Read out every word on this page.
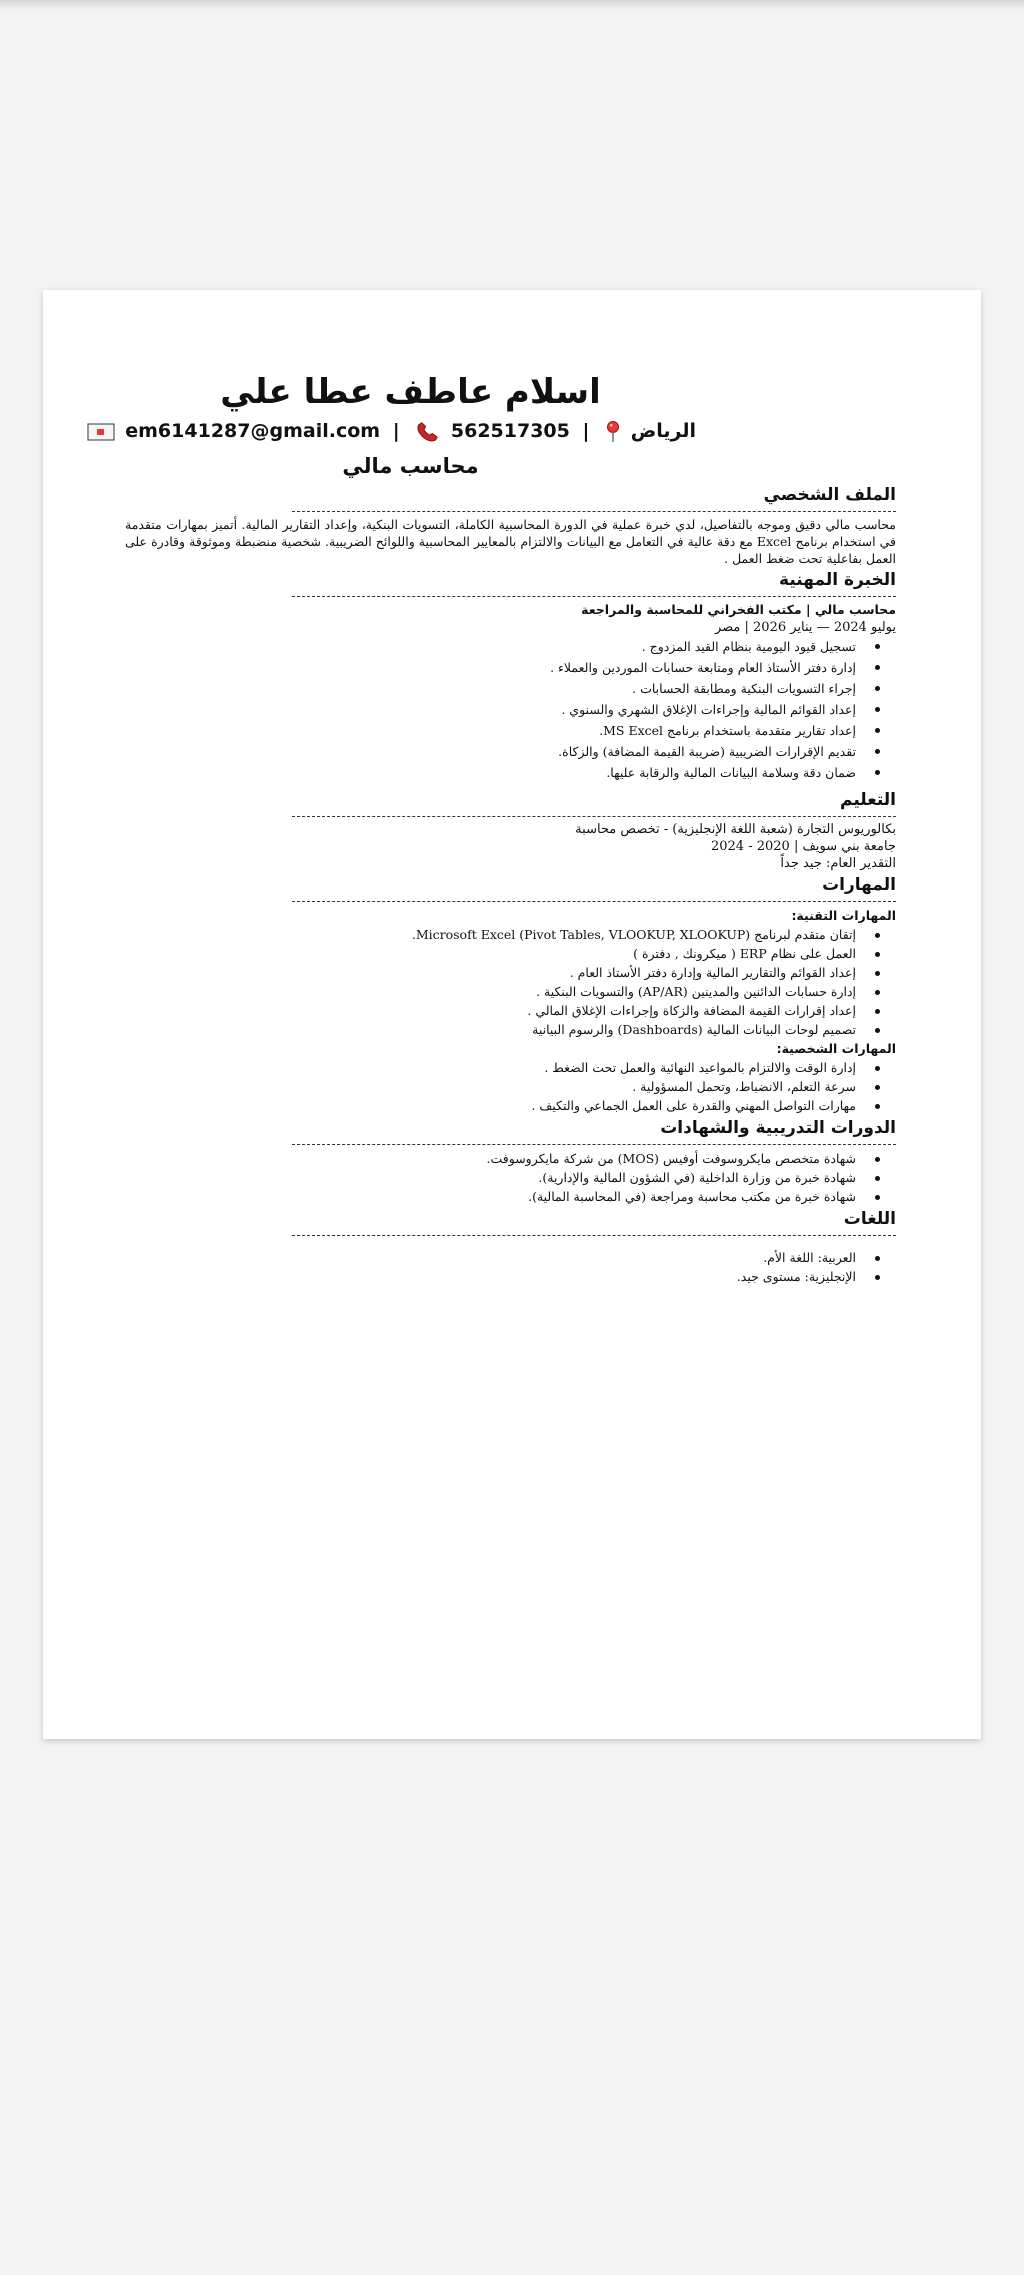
اسلام عاطف عطا علي
الرياض
| 562517305
| em6141287@gmail.com
محاسب مالي
الملف الشخصي

محاسب مالي دقيق وموجه بالتفاصيل، لدي خبرة عملية في الدورة المحاسبية الكاملة، التسويات البنكية، وإعداد التقارير المالية. أتميز بمهارات متقدمة في استخدام برنامج Excel مع دقة عالية في التعامل مع البيانات والالتزام بالمعايير المحاسبية واللوائح الضريبية. شخصية منضبطة وموثوقة وقادرة على العمل بفاعلية تحت ضغط العمل .

الخبرة المهنية

محاسب مالي | مكتب الفخراني للمحاسبة والمراجعة

يوليو 2024 — يناير 2026 | مصر

تسجيل قيود اليومية بنظام القيد المزدوج .
إدارة دفتر الأستاذ العام ومتابعة حسابات الموردين والعملاء .
إجراء التسويات البنكية ومطابقة الحسابات .
إعداد القوائم المالية وإجراءات الإغلاق الشهري والسنوي .
إعداد تقارير متقدمة باستخدام برنامج MS Excel.
تقديم الإقرارات الضريبية (ضريبة القيمة المضافة) والزكاة.
ضمان دقة وسلامة البيانات المالية والرقابة عليها.
التعليم

بكالوريوس التجارة (شعبة اللغة الإنجليزية) - تخصص محاسبة

جامعة بني سويف | 2020 - 2024

التقدير العام: جيد جداً

المهارات

المهارات التقنية:

إتقان متقدم لبرنامج Microsoft Excel (Pivot Tables, VLOOKUP, XLOOKUP).
العمل على نظام ERP ( ميكرونك , دفترة )
إعداد القوائم والتقارير المالية وإدارة دفتر الأستاذ العام .
إدارة حسابات الدائنين والمدينين (AP/AR) والتسويات البنكية .
إعداد إقرارات القيمة المضافة والزكاة وإجراءات الإغلاق المالي .
تصميم لوحات البيانات المالية (Dashboards) والرسوم البيانية

المهارات الشخصية:

إدارة الوقت والالتزام بالمواعيد النهائية والعمل تحت الضغط .
سرعة التعلم، الانضباط، وتحمل المسؤولية .
مهارات التواصل المهني والقدرة على العمل الجماعي والتكيف .
الدورات التدريبية والشهادات
شهادة متخصص مايكروسوفت أوفيس (MOS) من شركة مايكروسوفت.
شهادة خبرة من وزارة الداخلية (في الشؤون المالية والإدارية).
شهادة خبرة من مكتب محاسبة ومراجعة (في المحاسبة المالية).
اللغات
العربية: اللغة الأم.
الإنجليزية: مستوى جيد.
